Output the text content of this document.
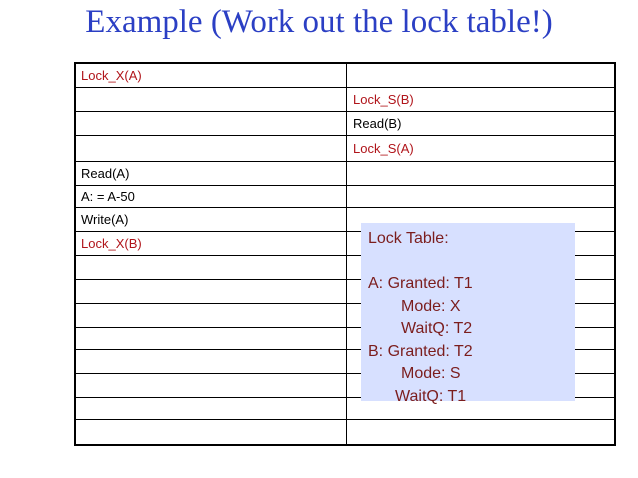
Example (Work out the lock table!)
Lock_X(A)
Lock_S(B)
Read(B)
Lock_S(A)
Read(A)
A: = A-50
Write(A)
Lock_X(B)	Lock Table:
A: Granted: T1
Mode: X
WaitQ: T2
B: Granted: T2
Mode: S
WaitQ: T1
